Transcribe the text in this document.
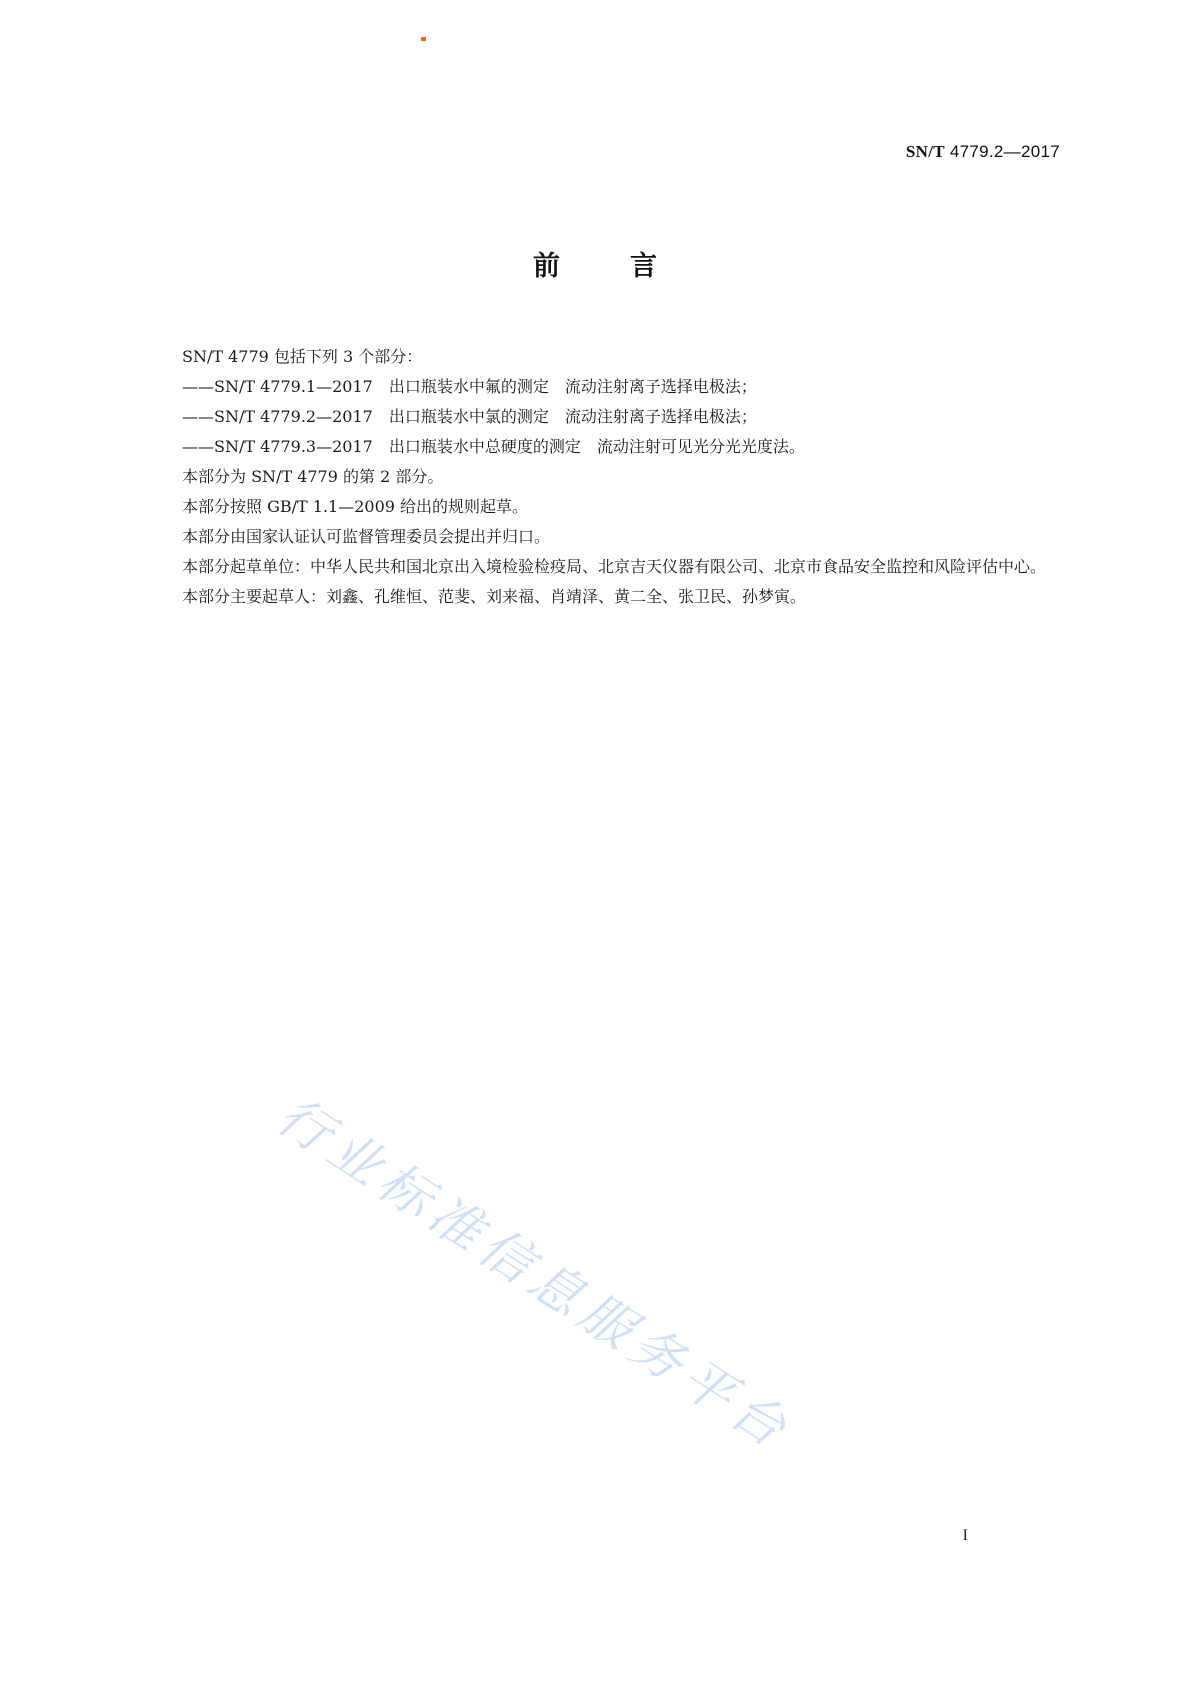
SN/T 4779.2—2017
前言

SN/T 4779 包括下列 3 个部分：

——SN/T 4779.1—2017　出口瓶装水中氟的测定　流动注射离子选择电极法；

——SN/T 4779.2—2017　出口瓶装水中氯的测定　流动注射离子选择电极法；

——SN/T 4779.3—2017　出口瓶装水中总硬度的测定　流动注射可见光分光光度法。

本部分为 SN/T 4779 的第 2 部分。

本部分按照 GB/T 1.1—2009 给出的规则起草。

本部分由国家认证认可监督管理委员会提出并归口。

本部分起草单位：中华人民共和国北京出入境检验检疫局、北京吉天仪器有限公司、北京市食品安全监控和风险评估中心。

本部分主要起草人：刘鑫、孔维恒、范斐、刘来福、肖靖泽、黄二全、张卫民、孙梦寅。

行业标准信息服务平台
I
